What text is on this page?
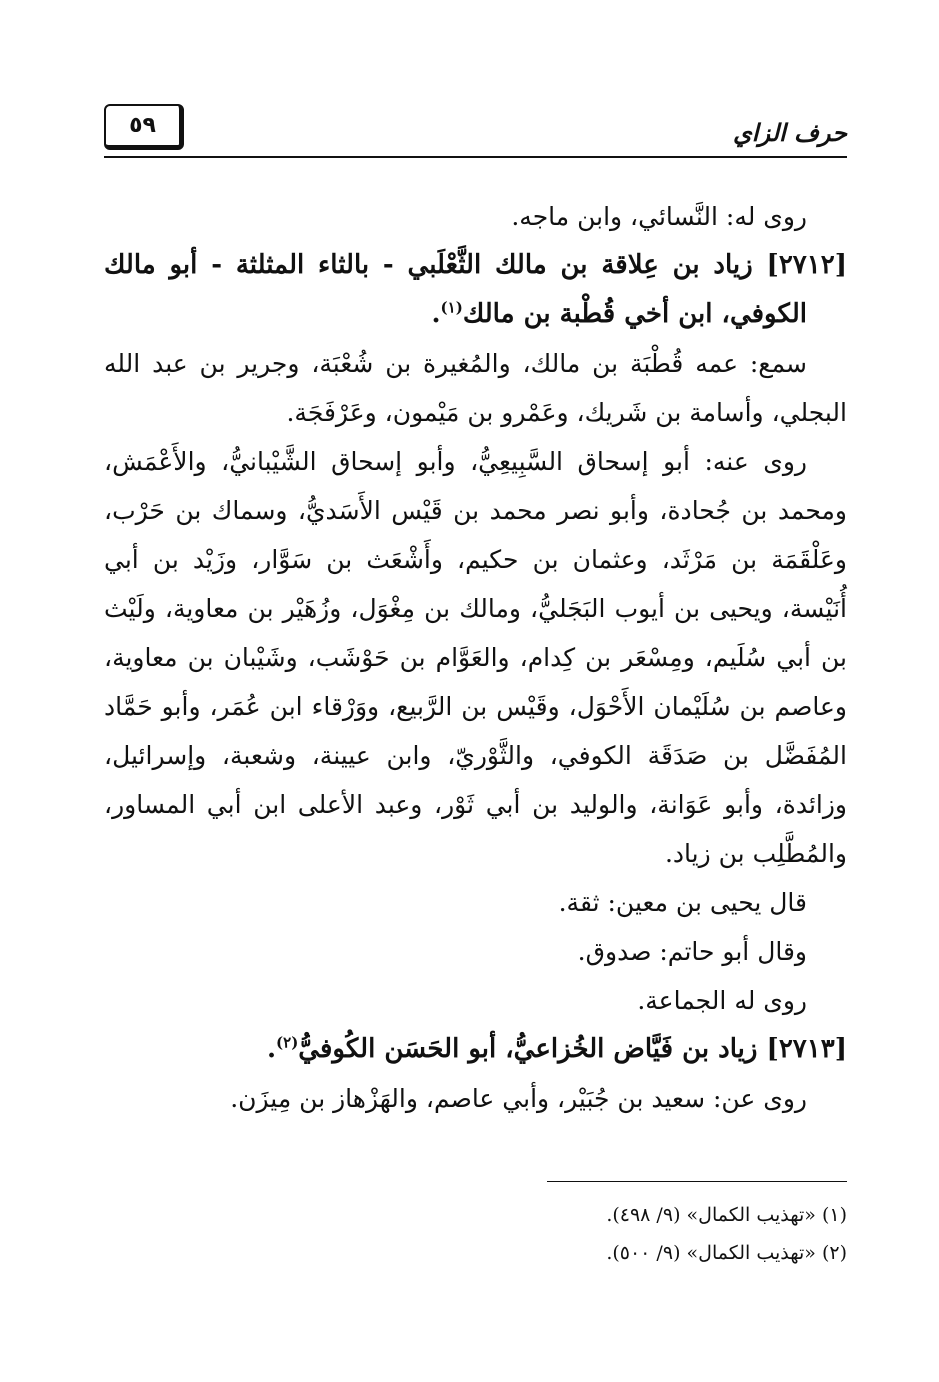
٥٩	حرف الزاي

روى له: النَّسائي، وابن ماجه.

[٢٧١٢] زياد بن عِلاقة بن مالك الثَّعْلَبي - بالثاء المثلثة - أبو مالك الكوفي، ابن أخي قُطْبة بن مالك$^{(١)}$.

سمع: عمه قُطْبَة بن مالك، والمُغيرة بن شُعْبَة، وجرير بن عبد الله البجلي، وأسامة بن شَريك، وعَمْرو بن مَيْمون، وعَرْفَجَة.

روى عنه: أبو إسحاق السَّبِيعِيُّ، وأبو إسحاق الشَّيْبانيُّ، والأَعْمَش، ومحمد بن جُحادة، وأبو نصر محمد بن قَيْس الأَسَديُّ، وسماك بن حَرْب، وعَلْقَمَة بن مَرْثَد، وعثمان بن حكيم، وأَشْعَث بن سَوَّار، وزَيْد بن أبي أُنَيْسة، ويحيى بن أيوب البَجَليُّ، ومالك بن مِغْوَل، وزُهَيْر بن معاوية، ولَيْث بن أبي سُلَيم، ومِسْعَر بن كِدام، والعَوَّام بن حَوْشَب، وشَيْبان بن معاوية، وعاصم بن سُلَيْمان الأَحْوَل، وقَيْس بن الرَّبيع، ووَرْقاء ابن عُمَر، وأبو حَمَّاد المُفَضَّل بن صَدَقَة الكوفي، والثَّوْريّ، وابن عيينة، وشعبة، وإسرائيل، وزائدة، وأبو عَوَانة، والوليد بن أبي ثَوْر، وعبد الأعلى ابن أبي المساور، والمُطَّلِب بن زياد.

قال يحيى بن معين: ثقة.

وقال أبو حاتم: صدوق.

روى له الجماعة.

[٢٧١٣] زياد بن فَيَّاض الخُزاعيُّ، أبو الحَسَن الكُوفيُّ$^{(٢)}$.

روى عن: سعيد بن جُبَيْر، وأبي عاصم، والهَزْهاز بن مِيزَن.

(١) «تهذيب الكمال» (٩/ ٤٩٨).

(٢) «تهذيب الكمال» (٩/ ٥٠٠).
